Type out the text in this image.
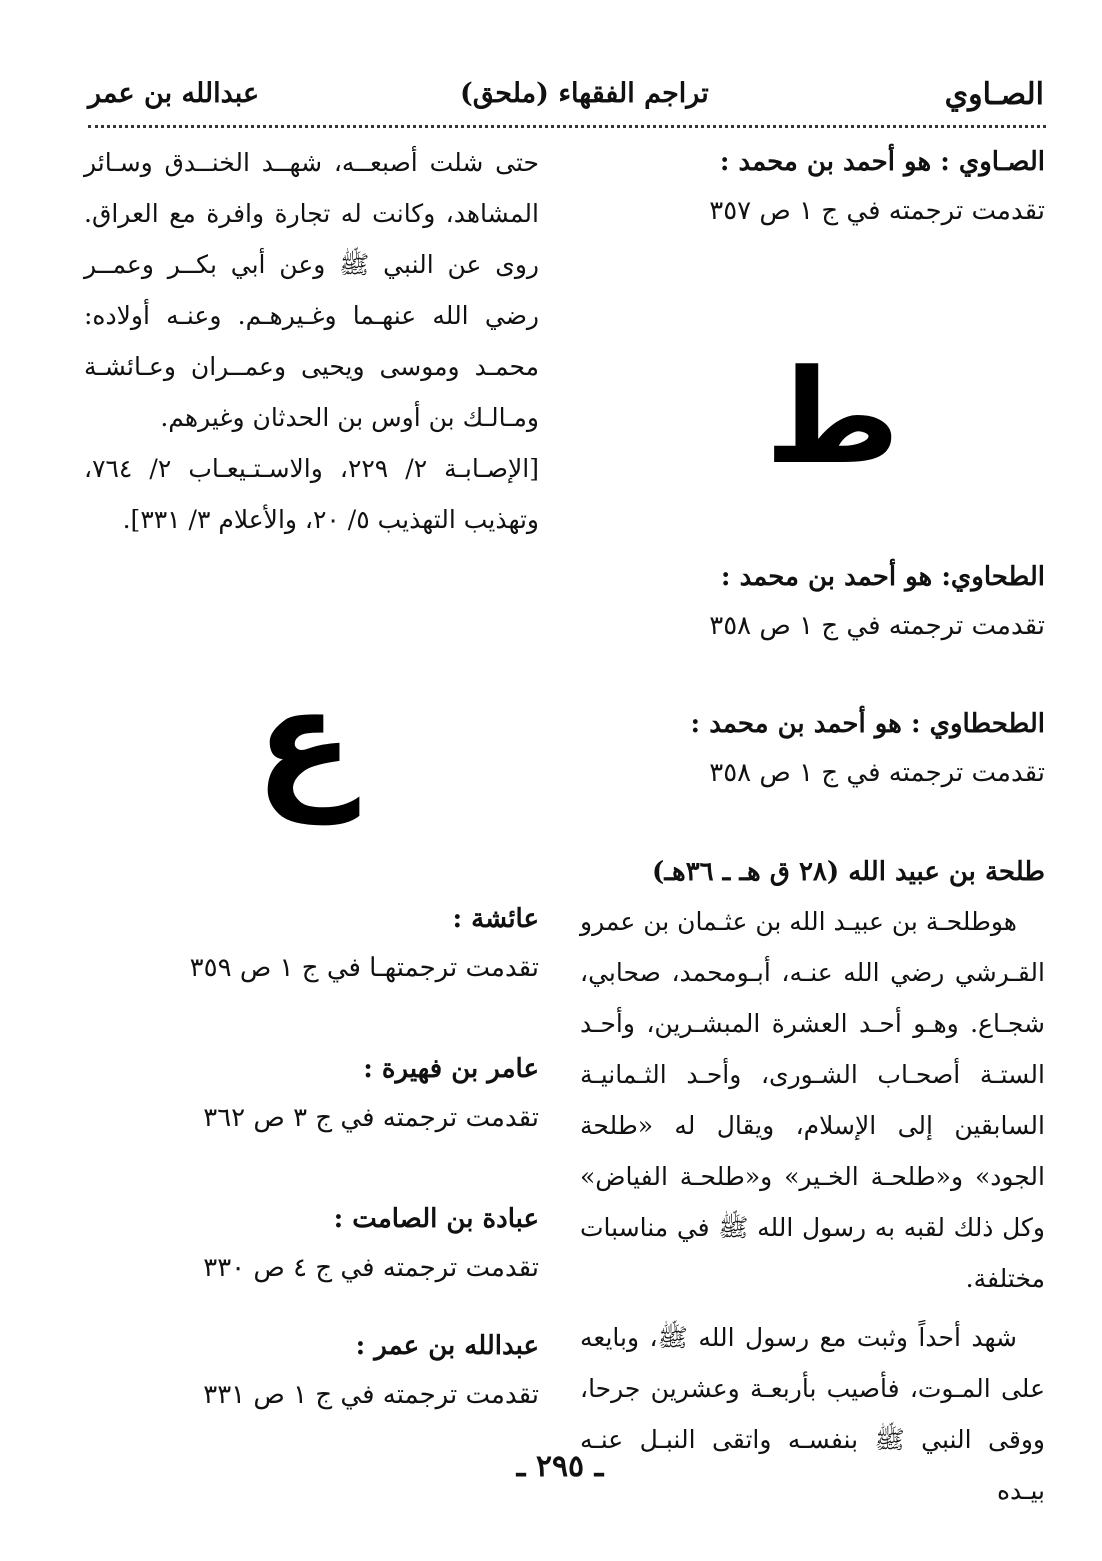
الصـاوي
(ملحق) تراجم الفقهاء
عبدالله بن عمر
الصـاوي : هو أحمد بن محمد :
تقدمت ترجمته في ج ١ ص ٣٥٧
ط
الطحاوي: هو أحمد بن محمد :
تقدمت ترجمته في ج ١ ص ٣٥٨
الطحطاوي : هو أحمد بن محمد :
تقدمت ترجمته في ج ١ ص ٣٥٨
طلحة بن عبيد الله (٢٨ ق هـ ـ ٣٦هـ)
هوطلحـة بن عبيـد الله بن عثـمان بن عمرو القـرشي رضي الله عنـه، أبـومحمد، صحابي، شجـاع. وهـو أحـد العشرة المبشـرين، وأحـد الستـة أصحـاب الشـورى، وأحـد الثـمانيـة السابقين إلى الإسلام، ويقال له «طلحة الجود» و«طلحـة الخـير» و«طلحـة الفياض» وكل ذلك لقبه به رسول الله ﷺ في مناسبات مختلفة.
شهد أحداً وثبت مع رسول الله ﷺ، وبايعه على المـوت، فأصيب بأربعـة وعشرين جرحا، ووقى النبي ﷺ بنفسـه واتقى النبـل عنـه بيـده
حتى شلت أصبعــه، شهــد الخنــدق وسـائر المشاهد، وكانت له تجارة وافرة مع العراق. روى عن النبي ﷺ وعن أبي بكــر وعمــر رضي الله عنهـما وغـيرهـم. وعنـه أولاده: محمـد وموسى ويحيى وعمــران وعـائشـة ومـالـك بن أوس بن الحدثان وغيرهم.
[الإصـابـة ٢/ ٢٢٩، والاسـتـيعـاب ٢/ ٧٦٤، وتهذيب التهذيب ٥/ ٢٠، والأعلام ٣/ ٣٣١].
ع
عائشة :
تقدمت ترجمتهـا في ج ١ ص ٣٥٩
عامر بن فهيرة :
تقدمت ترجمته في ج ٣ ص ٣٦٢
عبادة بن الصامت :
تقدمت ترجمته في ج ٤ ص ٣٣٠
عبدالله بن عمر :
تقدمت ترجمته في ج ١ ص ٣٣١
ـ ٢٩٥ ـ
